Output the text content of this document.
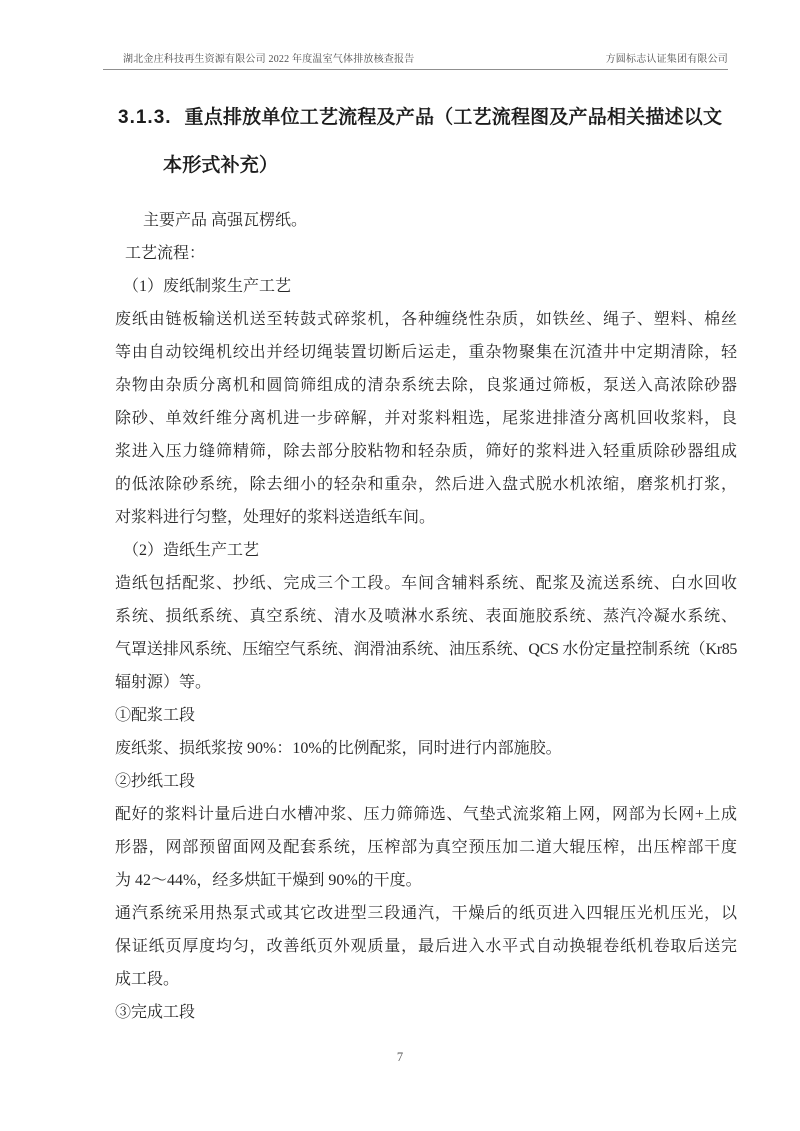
湖北金庄科技再生资源有限公司 2022 年度温室气体排放核查报告	方圆标志认证集团有限公司
3.1.3. 重点排放单位工艺流程及产品（工艺流程图及产品相关描述以文
本形式补充）
主要产品 高强瓦楞纸。
工艺流程：
（1）废纸制浆生产工艺
废纸由链板输送机送至转鼓式碎浆机，各种缠绕性杂质，如铁丝、绳子、塑料、棉丝
等由自动铰绳机绞出并经切绳装置切断后运走，重杂物聚集在沉渣井中定期清除，轻
杂物由杂质分离机和圆筒筛组成的清杂系统去除，良浆通过筛板，泵送入高浓除砂器
除砂、单效纤维分离机进一步碎解，并对浆料粗选，尾浆进排渣分离机回收浆料，良
浆进入压力缝筛精筛，除去部分胶粘物和轻杂质，筛好的浆料进入轻重质除砂器组成
的低浓除砂系统，除去细小的轻杂和重杂，然后进入盘式脱水机浓缩，磨浆机打浆，
对浆料进行匀整，处理好的浆料送造纸车间。
（2）造纸生产工艺
造纸包括配浆、抄纸、完成三个工段。车间含辅料系统、配浆及流送系统、白水回收
系统、损纸系统、真空系统、清水及喷淋水系统、表面施胶系统、蒸汽冷凝水系统、
气罩送排风系统、压缩空气系统、润滑油系统、油压系统、QCS 水份定量控制系统（Kr85
辐射源）等。
①配浆工段
废纸浆、损纸浆按 90%：10%的比例配浆，同时进行内部施胶。
②抄纸工段
配好的浆料计量后进白水槽冲浆、压力筛筛选、气垫式流浆箱上网，网部为长网+上成
形器，网部预留面网及配套系统，压榨部为真空预压加二道大辊压榨，出压榨部干度
为 42～44%，经多烘缸干燥到 90%的干度。
通汽系统采用热泵式或其它改进型三段通汽，干燥后的纸页进入四辊压光机压光，以
保证纸页厚度均匀，改善纸页外观质量，最后进入水平式自动换辊卷纸机卷取后送完
成工段。
③完成工段
7
